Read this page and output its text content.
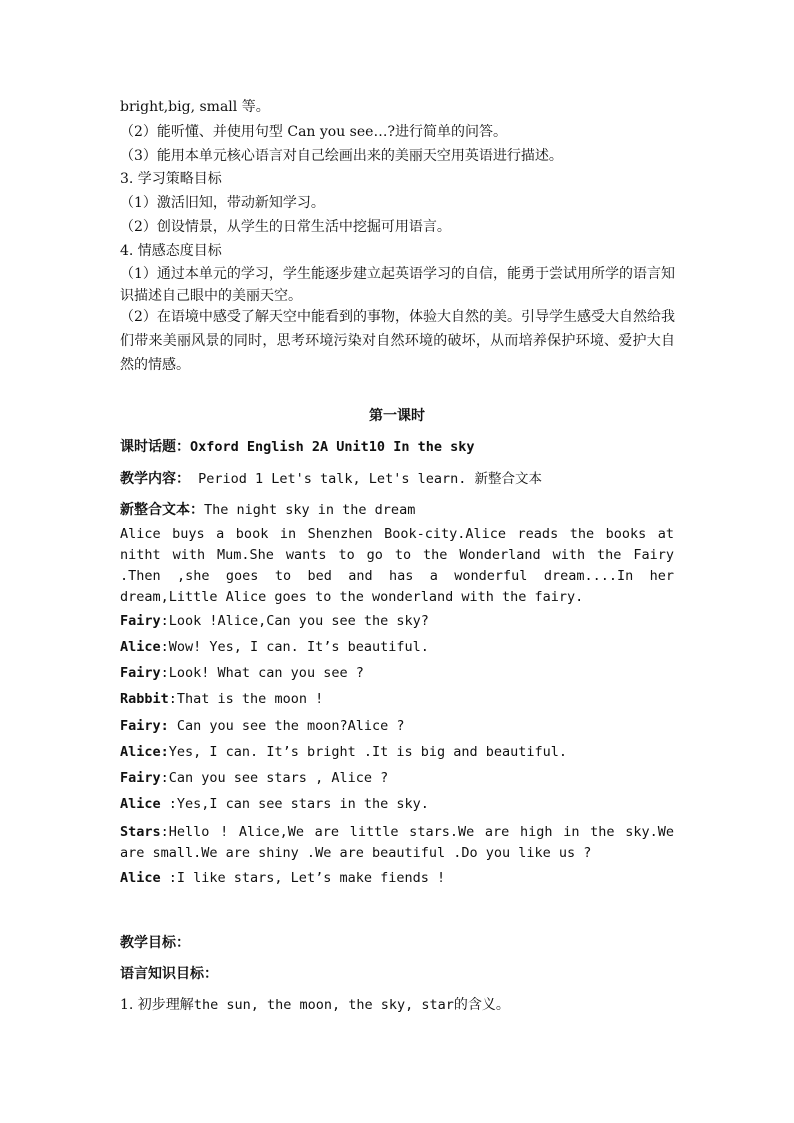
bright,big, small 等。
（2）能听懂、并使用句型 Can you see…?进行简单的问答。
（3）能用本单元核心语言对自己绘画出来的美丽天空用英语进行描述。
3. 学习策略目标
（1）激活旧知，带动新知学习。
（2）创设情景，从学生的日常生活中挖掘可用语言。
4. 情感态度目标
（1）通过本单元的学习，学生能逐步建立起英语学习的自信，能勇于尝试用所学的语言知识描述自己眼中的美丽天空。
（2）在语境中感受了解天空中能看到的事物，体验大自然的美。引导学生感受大自然给我们带来美丽风景的同时，思考环境污染对自然环境的破坏，从而培养保护环境、爱护大自然的情感。
第一课时
课时话题：Oxford English 2A Unit10 In the sky
教学内容： Period 1 Let's talk, Let's learn. 新整合文本
新整合文本：The night sky in the dream
Alice buys a book in Shenzhen Book-city.Alice reads the books at nitht with Mum.She wants to go to the Wonderland with the Fairy .Then ,she goes to bed and has a wonderful dream....In her dream,Little Alice goes to the wonderland with the fairy.
Fairy:Look !Alice,Can you see the sky?
Alice:Wow! Yes, I can. It’s beautiful.
Fairy:Look! What can you see ?
Rabbit:That is the moon !
Fairy: Can you see the moon?Alice ?
Alice:Yes, I can. It’s bright .It is big and beautiful.
Fairy:Can you see stars , Alice ?
Alice :Yes,I can see stars in the sky.
Stars:Hello ! Alice,We are little stars.We are high in the sky.We are small.We are shiny .We are beautiful .Do you like us ?
Alice :I like stars, Let’s make fiends !
教学目标：
语言知识目标：
1. 初步理解the sun, the moon, the sky, star的含义。
